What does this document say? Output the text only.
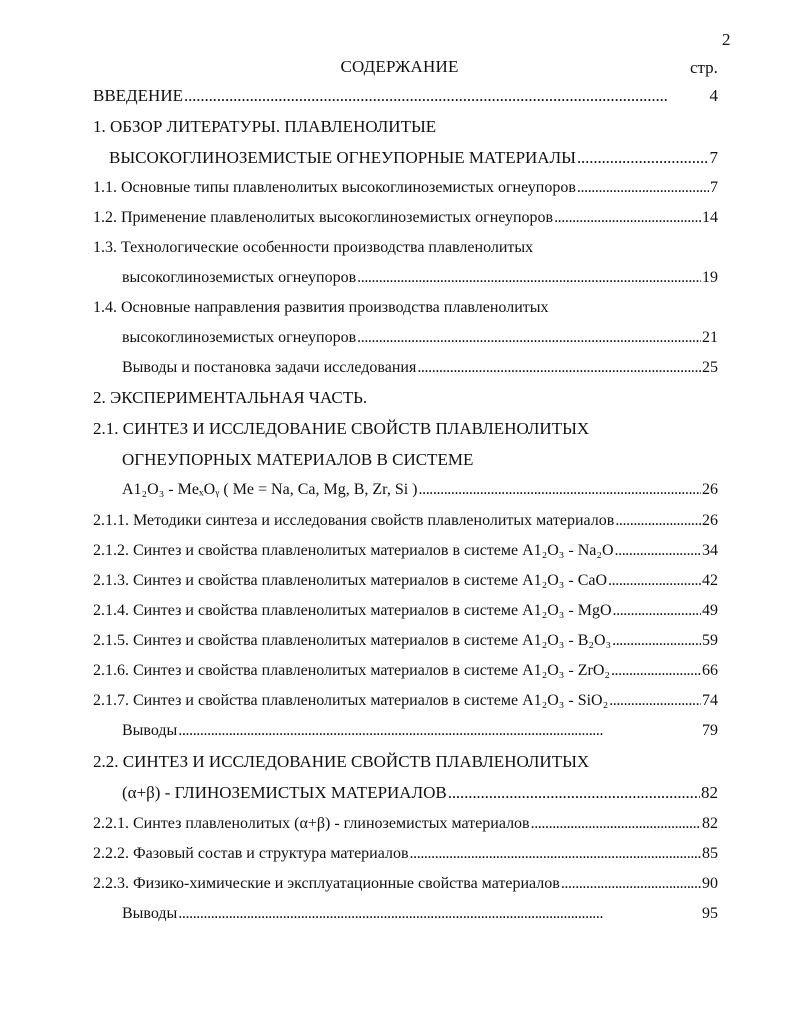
2
СОДЕРЖАНИЕ	стр.
ВВЕДЕНИЕ . . .	4
1. ОБЗОР ЛИТЕРАТУРЫ. ПЛАВЛЕНОЛИТЫЕ
ВЫСОКОГЛИНОЗЕМИСТЫЕ ОГНЕУПОРНЫЕ МАТЕРИАЛЫ . . .	7
1.1. Основные типы плавленолитых высокоглиноземистых огнеупоров . . .	7
1.2. Применение плавленолитых высокоглиноземистых огнеупоров . . .	14
1.3. Технологические особенности производства плавленолитых
высокоглиноземистых огнеупоров . . .	19
1.4. Основные направления развития производства плавленолитых
высокоглиноземистых огнеупоров . . .	21
Выводы и постановка задачи исследования . . .	25
2. ЭКСПЕРИМЕНТАЛЬНАЯ ЧАСТЬ.
2.1. СИНТЕЗ И ИССЛЕДОВАНИЕ СВОЙСТВ ПЛАВЛЕНОЛИТЫХ
ОГНЕУПОРНЫХ МАТЕРИАЛОВ В СИСТЕМЕ
A1₂O₃ - MeₓOᵧ ( Me = Na, Ca, Mg, B, Zr, Si ) . . .	26
2.1.1. Методики синтеза и исследования свойств плавленолитых материалов . . .	26
2.1.2. Синтез и свойства плавленолитых материалов в системе A1₂O₃ - Na₂O . . .	34
2.1.3. Синтез и свойства плавленолитых материалов в системе A1₂O₃ - CaO . . .	42
2.1.4. Синтез и свойства плавленолитых материалов в системе A1₂O₃ - MgO . . .	49
2.1.5. Синтез и свойства плавленолитых материалов в системе A1₂O₃ - B₂O₃ . . .	59
2.1.6. Синтез и свойства плавленолитых материалов в системе A1₂O₃ - ZrO₂ . . .	66
2.1.7. Синтез и свойства плавленолитых материалов в системе A1₂O₃ - SiO₂ . . .	74
Выводы . . .	79
2.2. СИНТЕЗ И ИССЛЕДОВАНИЕ СВОЙСТВ ПЛАВЛЕНОЛИТЫХ
(α+β) - ГЛИНОЗЕМИСТЫХ МАТЕРИАЛОВ . . .	82
2.2.1. Синтез плавленолитых (α+β) - глиноземистых материалов . . .	82
2.2.2. Фазовый состав и структура материалов . . .	85
2.2.3. Физико-химические и эксплуатационные свойства материалов . . .	90
Выводы . . .	95
